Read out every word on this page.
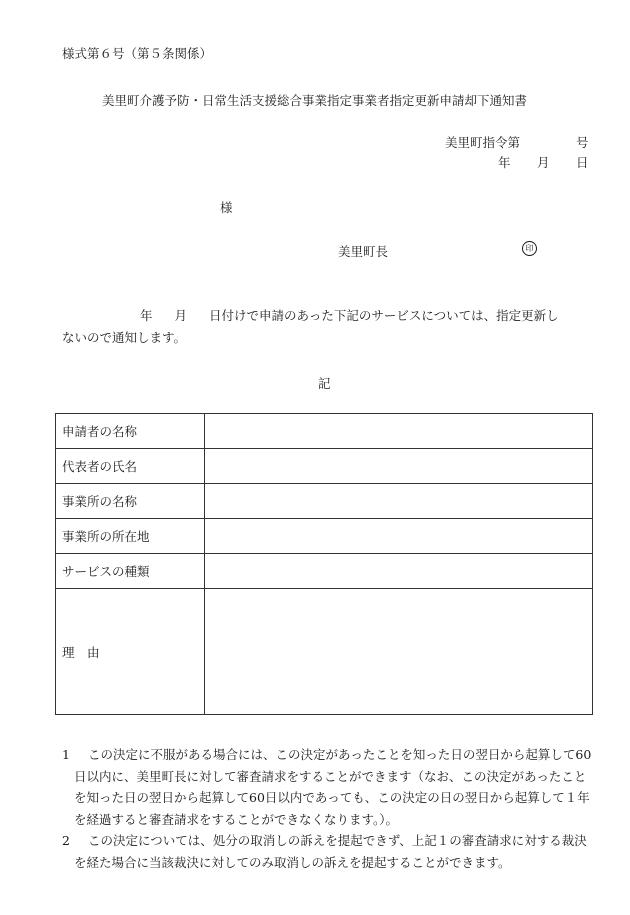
様式第６号（第５条関係）
美里町介護予防・日常生活支援総合事業指定事業者指定更新申請却下通知書
美里町指令第	号
年 月 日
様
美里町長	印
年 月 日付けで申請のあった下記のサービスについては、指定更新し
ないので通知します。
記
申請者の名称	
代表者の氏名	
事業所の名称	
事業所の所在地	
サービスの種類	
理　由	
1	この決定に不服がある場合には、この決定があったことを知った日の翌日から起算して60日以内に、美里町長に対して審査請求をすることができます（なお、この決定があったことを知った日の翌日から起算して60日以内であっても、この決定の日の翌日から起算して１年を経過すると審査請求をすることができなくなります。）。
2	この決定については、処分の取消しの訴えを提起できず、上記１の審査請求に対する裁決を経た場合に当該裁決に対してのみ取消しの訴えを提起することができます。
